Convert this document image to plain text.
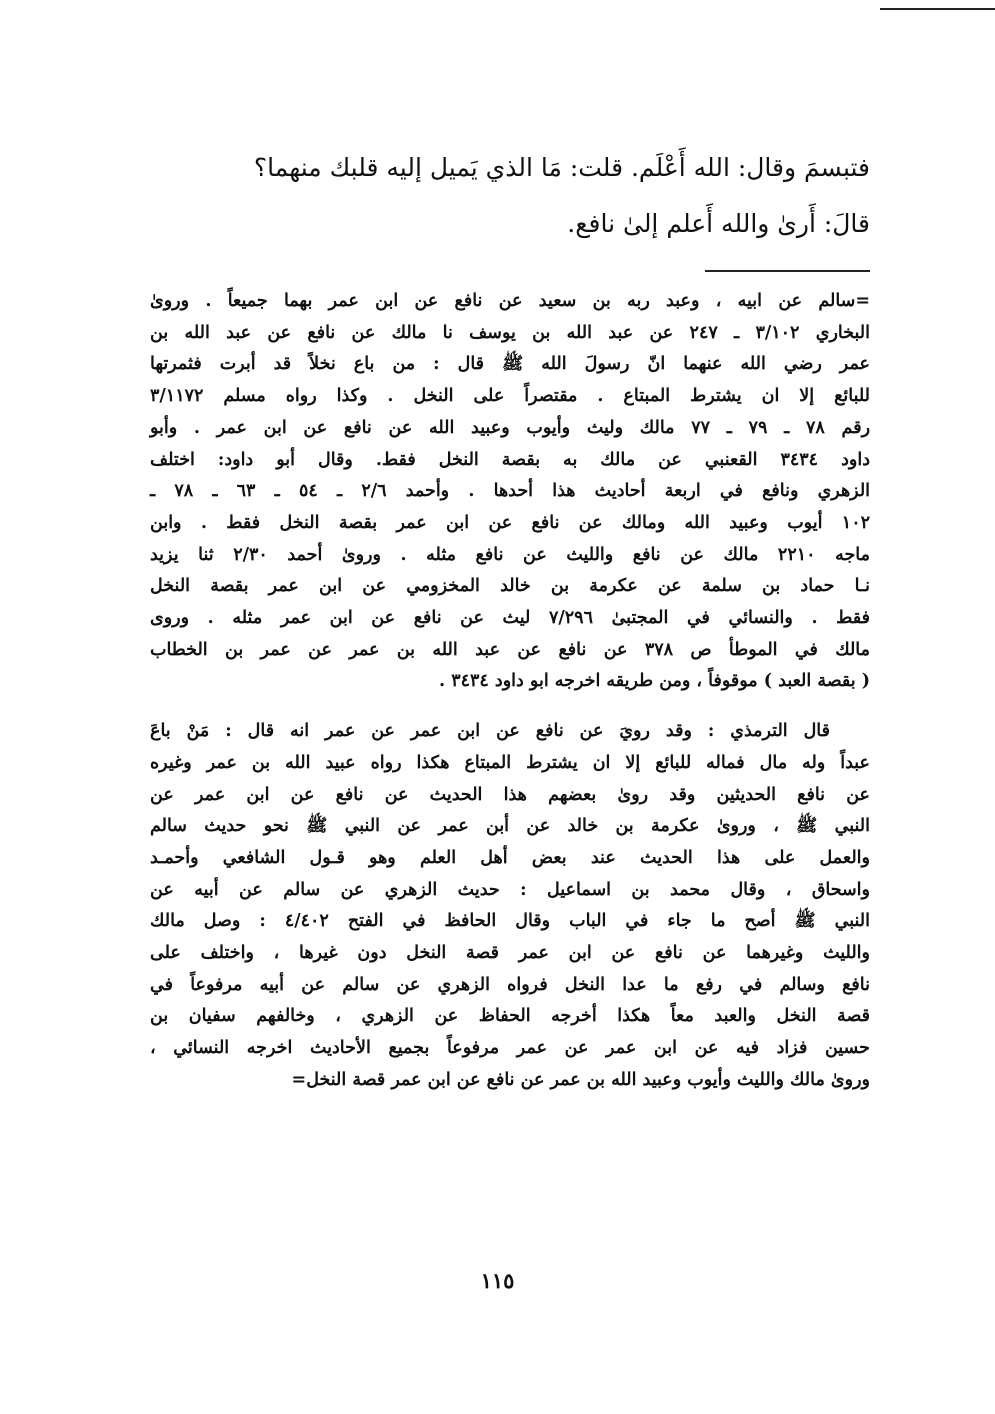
فتبسمَ وقال: الله أَعْلَم. قلت: مَا الذي يَميل إليه قلبك منهما؟
قالَ: أَرىٰ والله أَعلم إلىٰ نافع.

=سالم عن ابيه ، وعبد ربه بن سعيد عن نافع عن ابن عمر بهما جميعاً . وروىٰ
البخاري ٣/١٠٢ ـ ٢٤٧ عن عبد الله بن يوسف نا مالك عن نافع عن عبد الله بن
عمر رضي الله عنهما انّ رسولَ الله ﷺ قال : من باع نخلاً قد أبرت فثمرتها
للبائع إلا ان يشترط المبتاع . مقتصراً على النخل . وكذا رواه مسلم ٣/١١٧٢
رقم ٧٨ ـ ٧٩ ـ ٧٧ مالك وليث وأيوب وعبيد الله عن نافع عن ابن عمر . وأبو
داود ٣٤٣٤ القعنبي عن مالك به بقصة النخل فقط. وقال أبو داود: اختلف
الزهري ونافع في اربعة أحاديث هذا أحدها . وأحمد ٢/٦ ـ ٥٤ ـ ٦٣ ـ ٧٨ ـ
١٠٢ أيوب وعبيد الله ومالك عن نافع عن ابن عمر بقصة النخل فقط . وابن
ماجه ٢٢١٠ مالك عن نافع والليث عن نافع مثله . وروىٰ أحمد ٢/٣٠ ثنا يزيد
نـا حماد بن سلمة عن عكرمة بن خالد المخزومي عن ابن عمر بقصة النخل
فقط . والنسائي في المجتبىٰ ٧/٢٩٦ ليث عن نافع عن ابن عمر مثله . وروى
مالك في الموطأ ص ٣٧٨ عن نافع عن عبد الله بن عمر عن عمر بن الخطاب
( بقصة العبد ) موقوفاً ، ومن طريقه اخرجه ابو داود ٣٤٣٤ .

قال الترمذي : وقد رويَ عن نافع عن ابن عمر عن عمر انه قال : مَنْ باعَ
عبداً وله مال فماله للبائع إلا ان يشترط المبتاع هكذا رواه عبيد الله بن عمر وغيره
عن نافع الحديثين وقد روىٰ بعضهم هذا الحديث عن نافع عن ابن عمر عن
النبي ﷺ ، وروىٰ عكرمة بن خالد عن أبن عمر عن النبي ﷺ نحو حديث سالم
والعمل على هذا الحديث عند بعض أهل العلم وهو قـول الشافعي وأحمـد
واسحاق ، وقال محمد بن اسماعيل : حديث الزهري عن سالم عن أبيه عن
النبي ﷺ أصح ما جاء في الباب وقال الحافظ في الفتح ٤/٤٠٢ : وصل مالك
والليث وغيرهما عن نافع عن ابن عمر قصة النخل دون غيرها ، واختلف على
نافع وسالم في رفع ما عدا النخل فرواه الزهري عن سالم عن أبيه مرفوعاً في
قصة النخل والعبد معاً هكذا أخرجه الحفاظ عن الزهري ، وخالفهم سفيان بن
حسين فزاد فيه عن ابن عمر عن عمر مرفوعاً بجميع الأحاديث اخرجه النسائي ،
وروىٰ مالك والليث وأيوب وعبيد الله بن عمر عن نافع عن ابن عمر قصة النخل=

١١٥
